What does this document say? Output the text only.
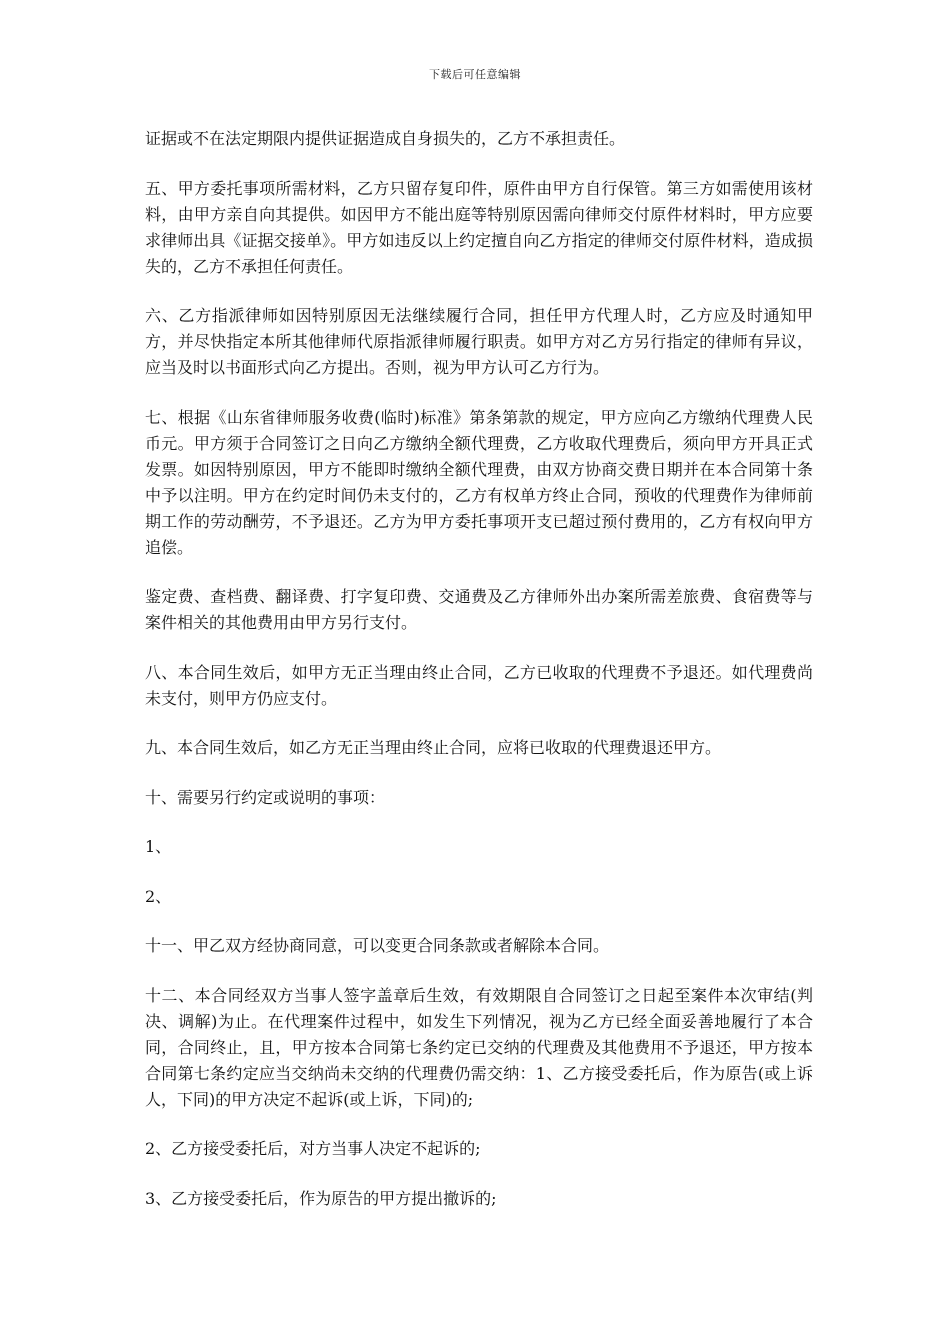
下载后可任意编辑

证据或不在法定期限内提供证据造成自身损失的，乙方不承担责任。

五、甲方委托事项所需材料，乙方只留存复印件，原件由甲方自行保管。第三方如需使用该材料，由甲方亲自向其提供。如因甲方不能出庭等特别原因需向律师交付原件材料时，甲方应要求律师出具《证据交接单》。甲方如违反以上约定擅自向乙方指定的律师交付原件材料，造成损失的，乙方不承担任何责任。

六、乙方指派律师如因特别原因无法继续履行合同，担任甲方代理人时，乙方应及时通知甲方，并尽快指定本所其他律师代原指派律师履行职责。如甲方对乙方另行指定的律师有异议，应当及时以书面形式向乙方提出。否则，视为甲方认可乙方行为。

七、根据《山东省律师服务收费(临时)标准》第条第款的规定，甲方应向乙方缴纳代理费人民币元。甲方须于合同签订之日向乙方缴纳全额代理费，乙方收取代理费后，须向甲方开具正式发票。如因特别原因，甲方不能即时缴纳全额代理费，由双方协商交费日期并在本合同第十条中予以注明。甲方在约定时间仍未支付的，乙方有权单方终止合同，预收的代理费作为律师前期工作的劳动酬劳，不予退还。乙方为甲方委托事项开支已超过预付费用的，乙方有权向甲方追偿。

鉴定费、查档费、翻译费、打字复印费、交通费及乙方律师外出办案所需差旅费、食宿费等与案件相关的其他费用由甲方另行支付。

八、本合同生效后，如甲方无正当理由终止合同，乙方已收取的代理费不予退还。如代理费尚未支付，则甲方仍应支付。

九、本合同生效后，如乙方无正当理由终止合同，应将已收取的代理费退还甲方。

十、需要另行约定或说明的事项：

1、

2、

十一、甲乙双方经协商同意，可以变更合同条款或者解除本合同。

十二、本合同经双方当事人签字盖章后生效，有效期限自合同签订之日起至案件本次审结(判决、调解)为止。在代理案件过程中，如发生下列情况，视为乙方已经全面妥善地履行了本合同，合同终止，且，甲方按本合同第七条约定已交纳的代理费及其他费用不予退还，甲方按本合同第七条约定应当交纳尚未交纳的代理费仍需交纳：1、乙方接受委托后，作为原告(或上诉人，下同)的甲方决定不起诉(或上诉，下同)的;

2、乙方接受委托后，对方当事人决定不起诉的;

3、乙方接受委托后，作为原告的甲方提出撤诉的;
